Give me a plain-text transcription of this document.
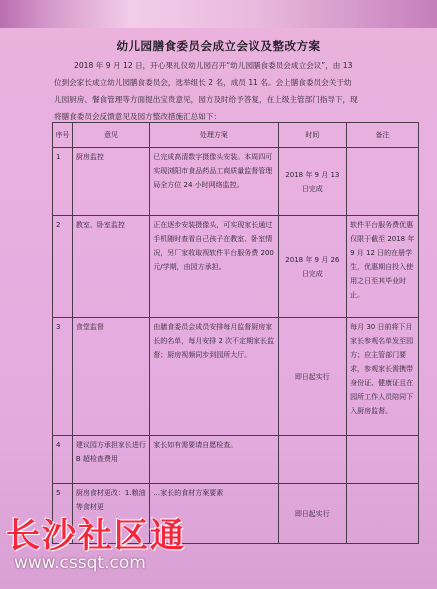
幼儿园膳食委员会成立会议及整改方案
2018 年 9 月 12 日，开心果礼仪幼儿园召开“幼儿园膳食委员会成立会议”，由 13
位到会家长成立幼儿园膳食委员会，选举组长 2 名，成员 11 名。会上膳食委员会关于幼
儿园厨房、餐食管理等方面提出宝贵意见，园方及时给予答复，在上级主管部门指导下，现
将膳食委员会反馈意见及园方整改措施汇总如下：
序号	意见	处理方案	时间	备注
1	厨房监控	已完成高清数字摄像头安装。本周四可实现浏阳市食品药品工商质量监督管理局全方位 24 小时网络监控。	2018 年 9 月 13 日完成	
2	教室、卧室监控	正在逐步安装摄像头，可实现家长通过手机随时查看自己孩子在教室、卧室情况，另厂家收取视软件平台服务费 200 元/学期，由园方承担。	2018 年 9 月 26 日完成	软件平台服务费优惠仅限于截至 2018 年 9 月 12 日的在册学生，优惠期自投入使用之日至其毕业时止。
3	食堂监督	由膳食委员会成员安排每月监督厨房家长的名单，每月安排 2 次不定期家长监督；厨房视频同步到园所大厅。	即日起实行	每月 30 日前将下月家长参观名单发至园方；应主管部门要求，参观家长需携带身份证、健康证且在园所工作人员陪同下入厨房监督。
4	建议园方承担家长进行 B 超检查费用	家长如有需要请自愿检查。		
5	厨房食材更改：1.粮油等食材更	…家长的食材方案要素	即日起实行	
长沙社区通
www.cssqt.com
